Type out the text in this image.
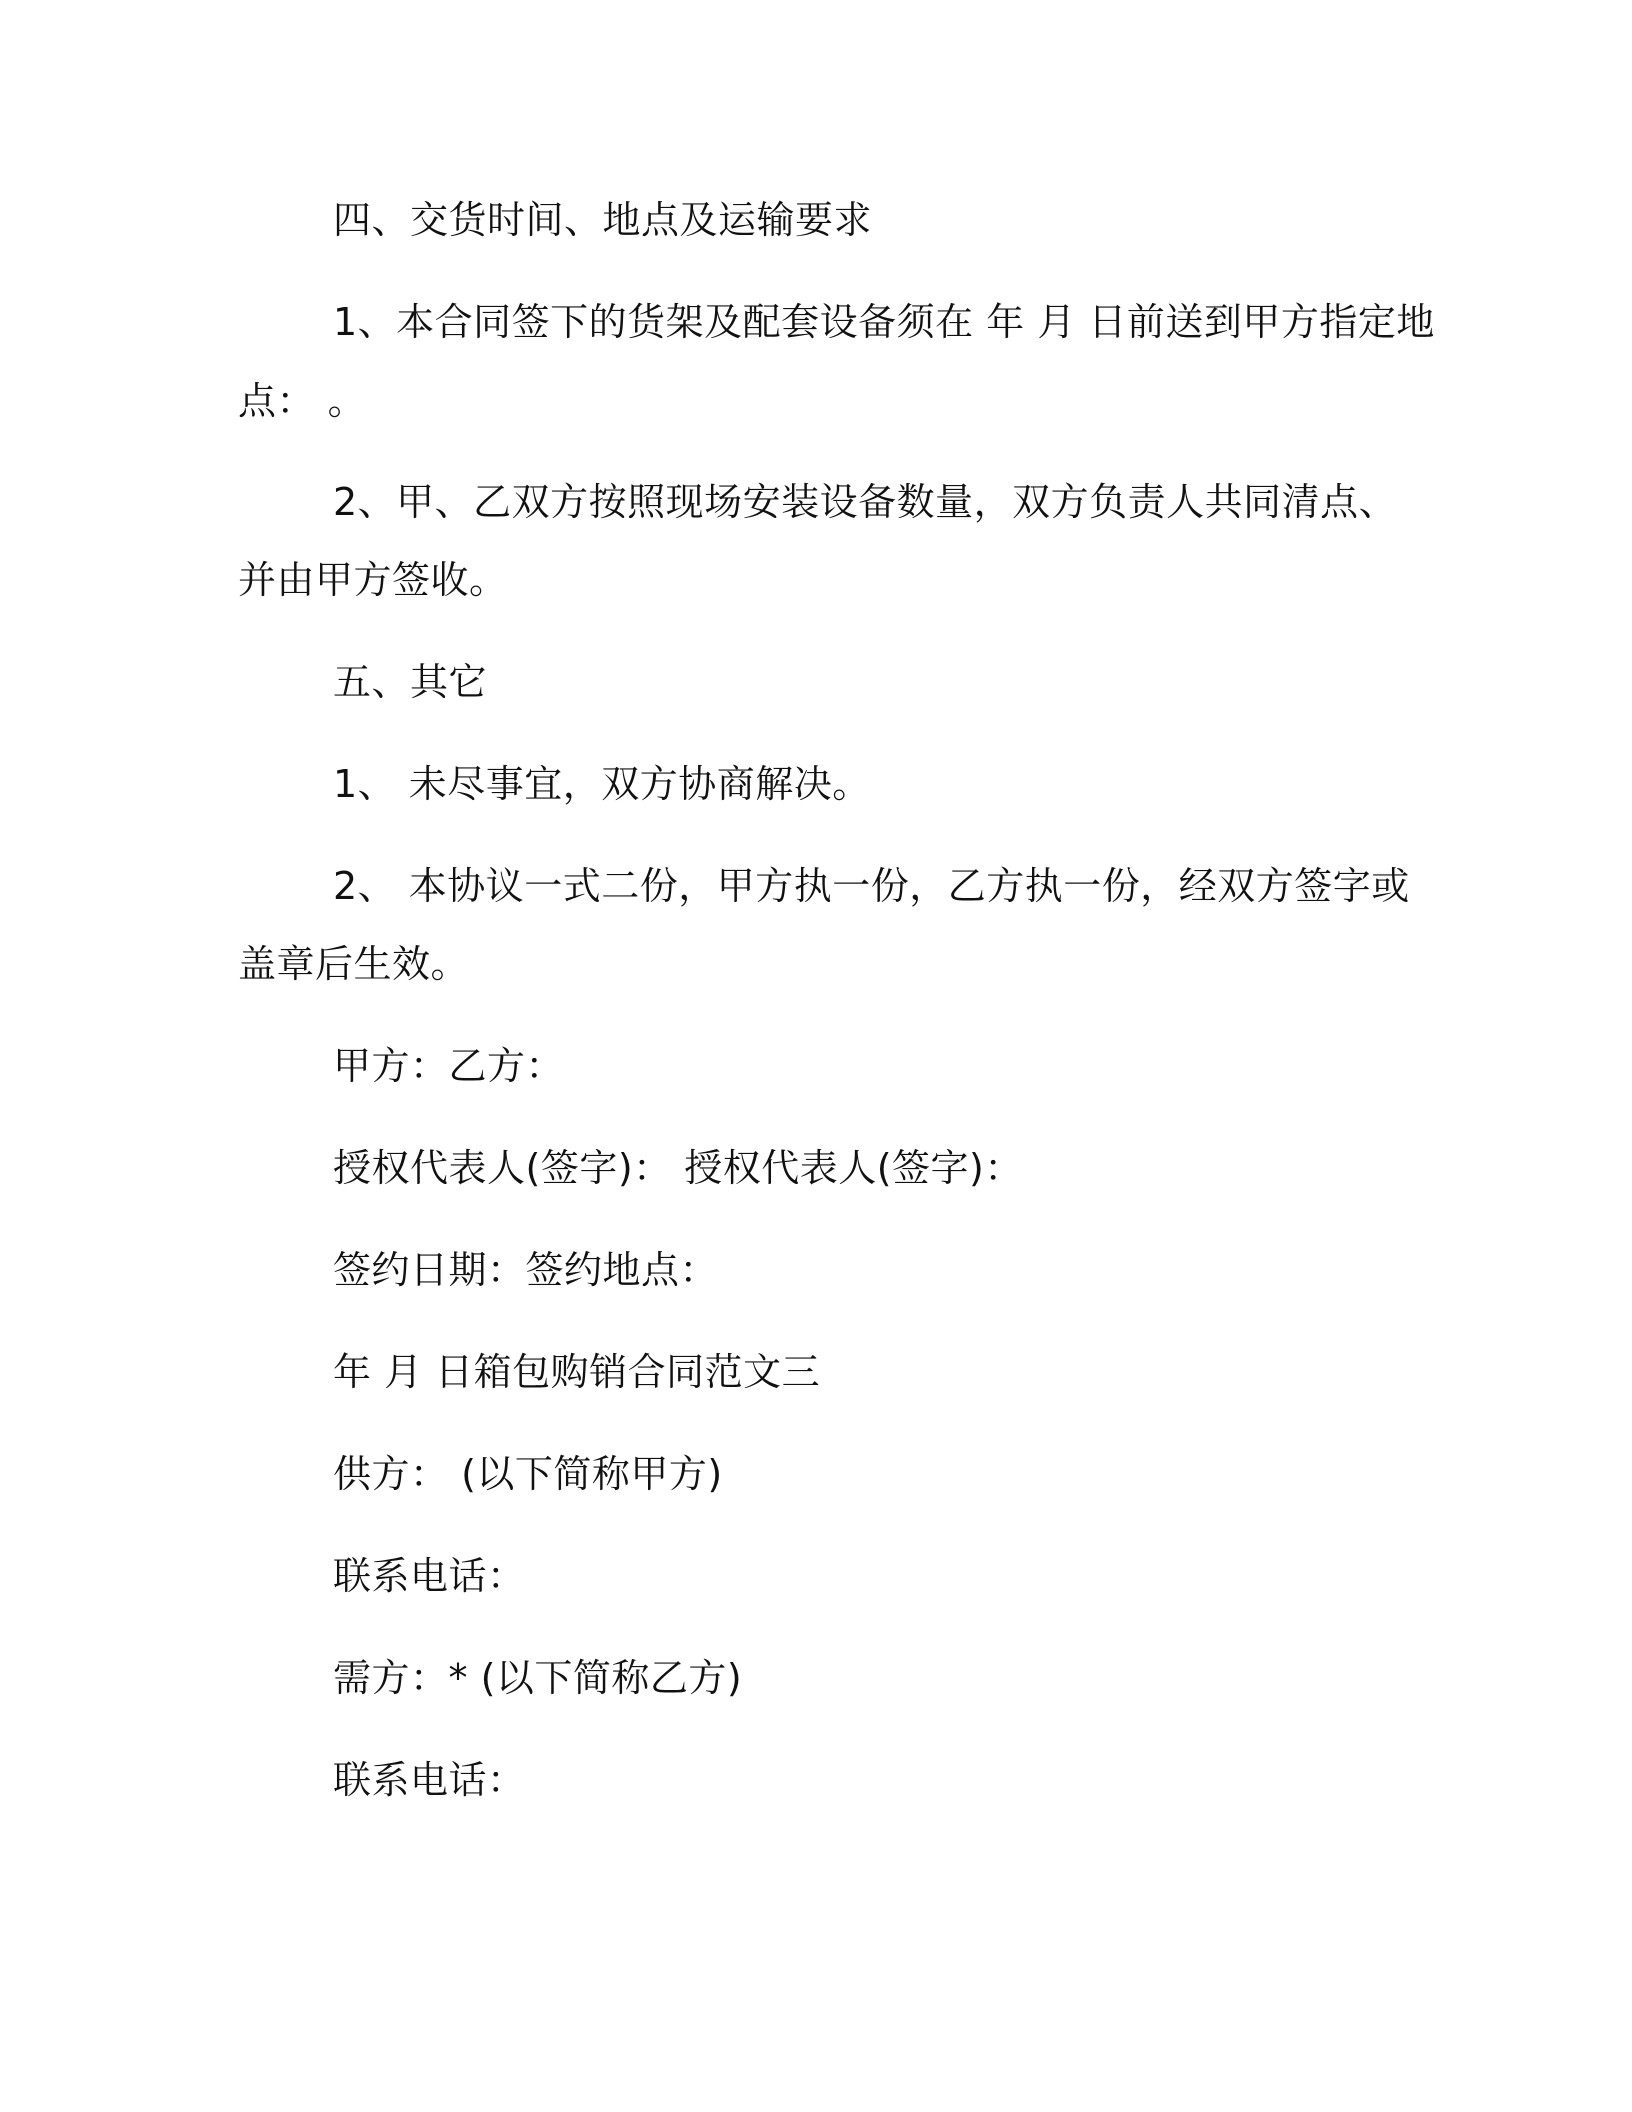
四、交货时间、地点及运输要求
1、本合同签下的货架及配套设备须在 年 月 日前送到甲方指定地
点： 。
2、甲、乙双方按照现场安装设备数量，双方负责人共同清点、
并由甲方签收。
五、其它
1、 未尽事宜，双方协商解决。
2、 本协议一式二份，甲方执一份，乙方执一份，经双方签字或
盖章后生效。
甲方：乙方：
授权代表人(签字)： 授权代表人(签字)：
签约日期：签约地点：
年 月 日箱包购销合同范文三
供方： (以下简称甲方)
联系电话：
需方：* (以下简称乙方)
联系电话：
